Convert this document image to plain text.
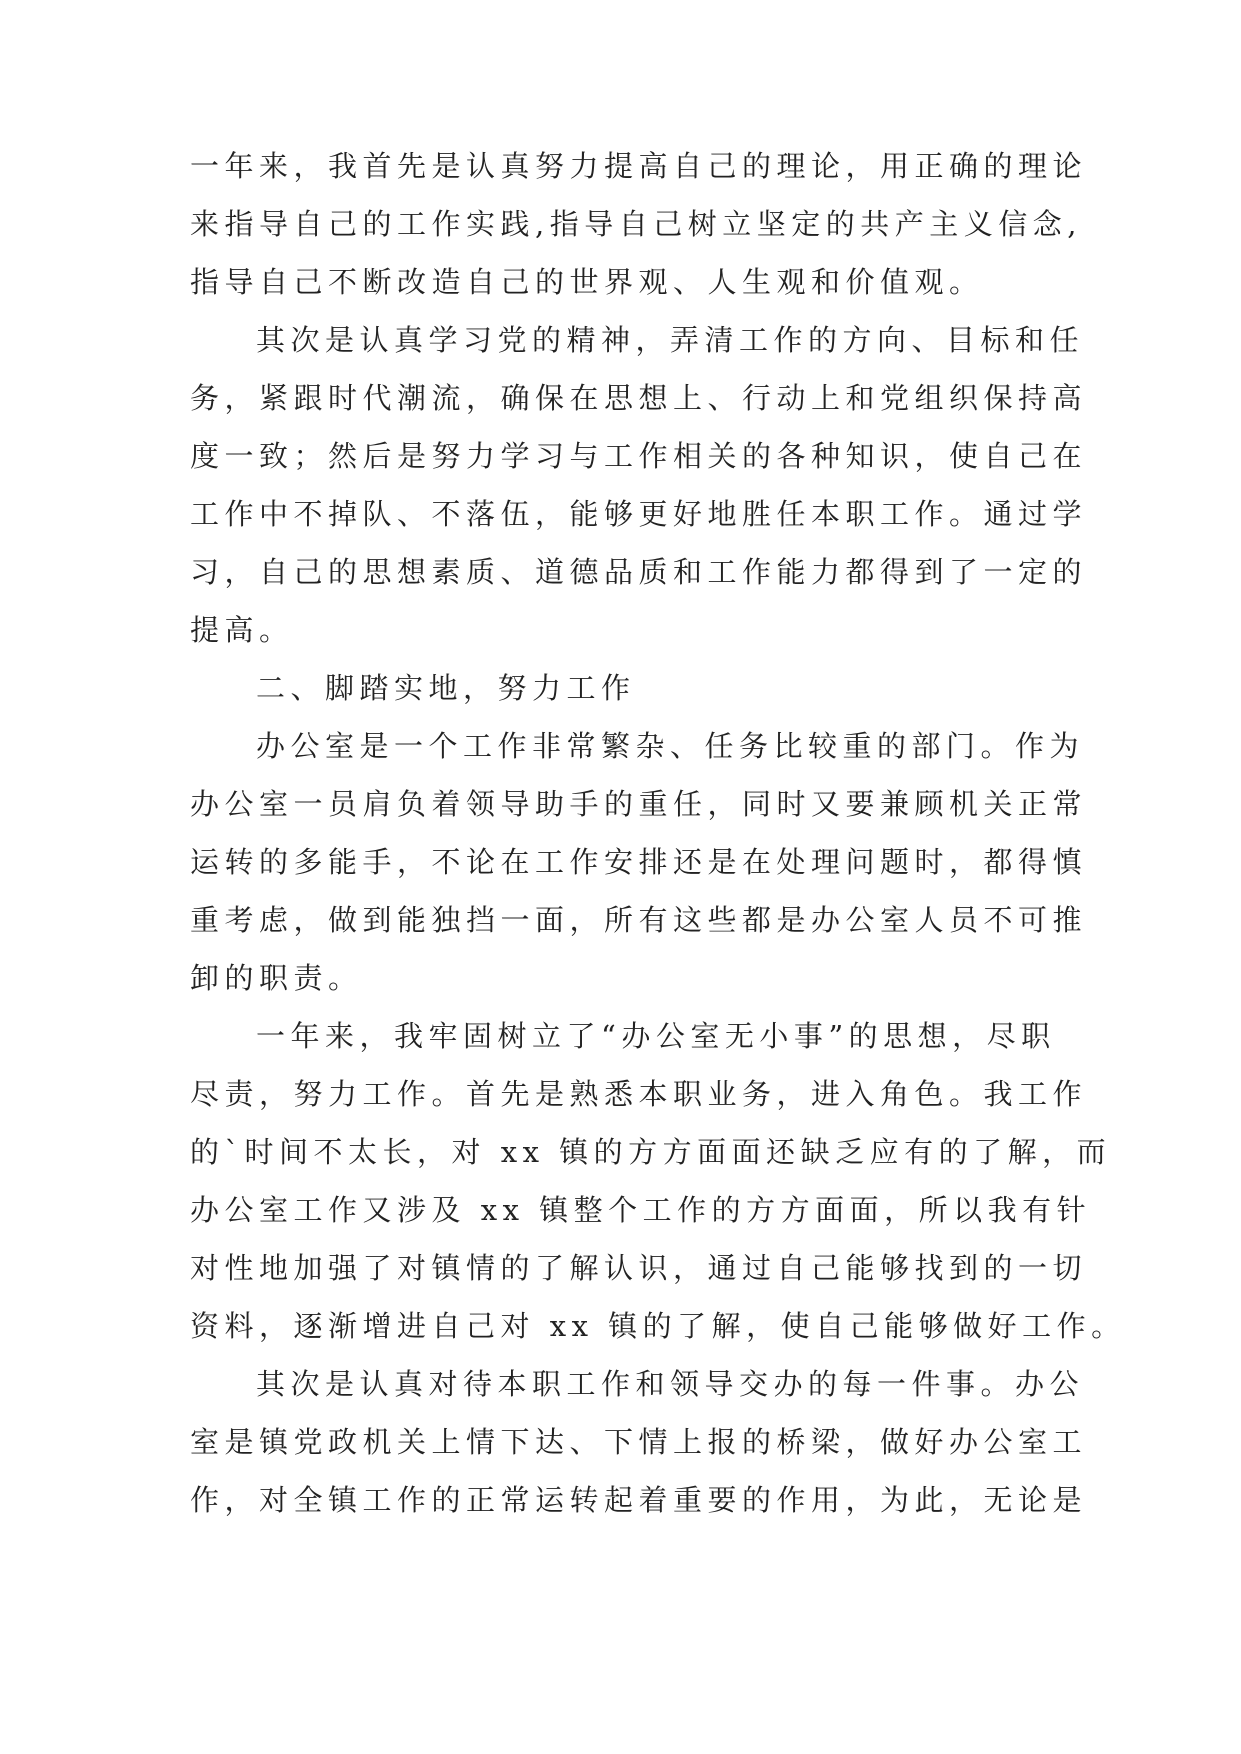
一年来，我首先是认真努力提高自己的理论，用正确的理论
来指导自己的工作实践,指导自己树立坚定的共产主义信念,
指导自己不断改造自己的世界观、人生观和价值观。
其次是认真学习党的精神，弄清工作的方向、目标和任
务，紧跟时代潮流，确保在思想上、行动上和党组织保持高
度一致；然后是努力学习与工作相关的各种知识，使自己在
工作中不掉队、不落伍，能够更好地胜任本职工作。通过学
习，自己的思想素质、道德品质和工作能力都得到了一定的
提高。
二、脚踏实地，努力工作
办公室是一个工作非常繁杂、任务比较重的部门。作为
办公室一员肩负着领导助手的重任，同时又要兼顾机关正常
运转的多能手，不论在工作安排还是在处理问题时，都得慎
重考虑，做到能独挡一面，所有这些都是办公室人员不可推
卸的职责。
一年来，我牢固树立了“办公室无小事”的思想，尽职
尽责，努力工作。首先是熟悉本职业务，进入角色。我工作
的`时间不太长，对 xx 镇的方方面面还缺乏应有的了解，而
办公室工作又涉及 xx 镇整个工作的方方面面，所以我有针
对性地加强了对镇情的了解认识，通过自己能够找到的一切
资料，逐渐增进自己对 xx 镇的了解，使自己能够做好工作。
其次是认真对待本职工作和领导交办的每一件事。办公
室是镇党政机关上情下达、下情上报的桥梁，做好办公室工
作，对全镇工作的正常运转起着重要的作用，为此，无论是
